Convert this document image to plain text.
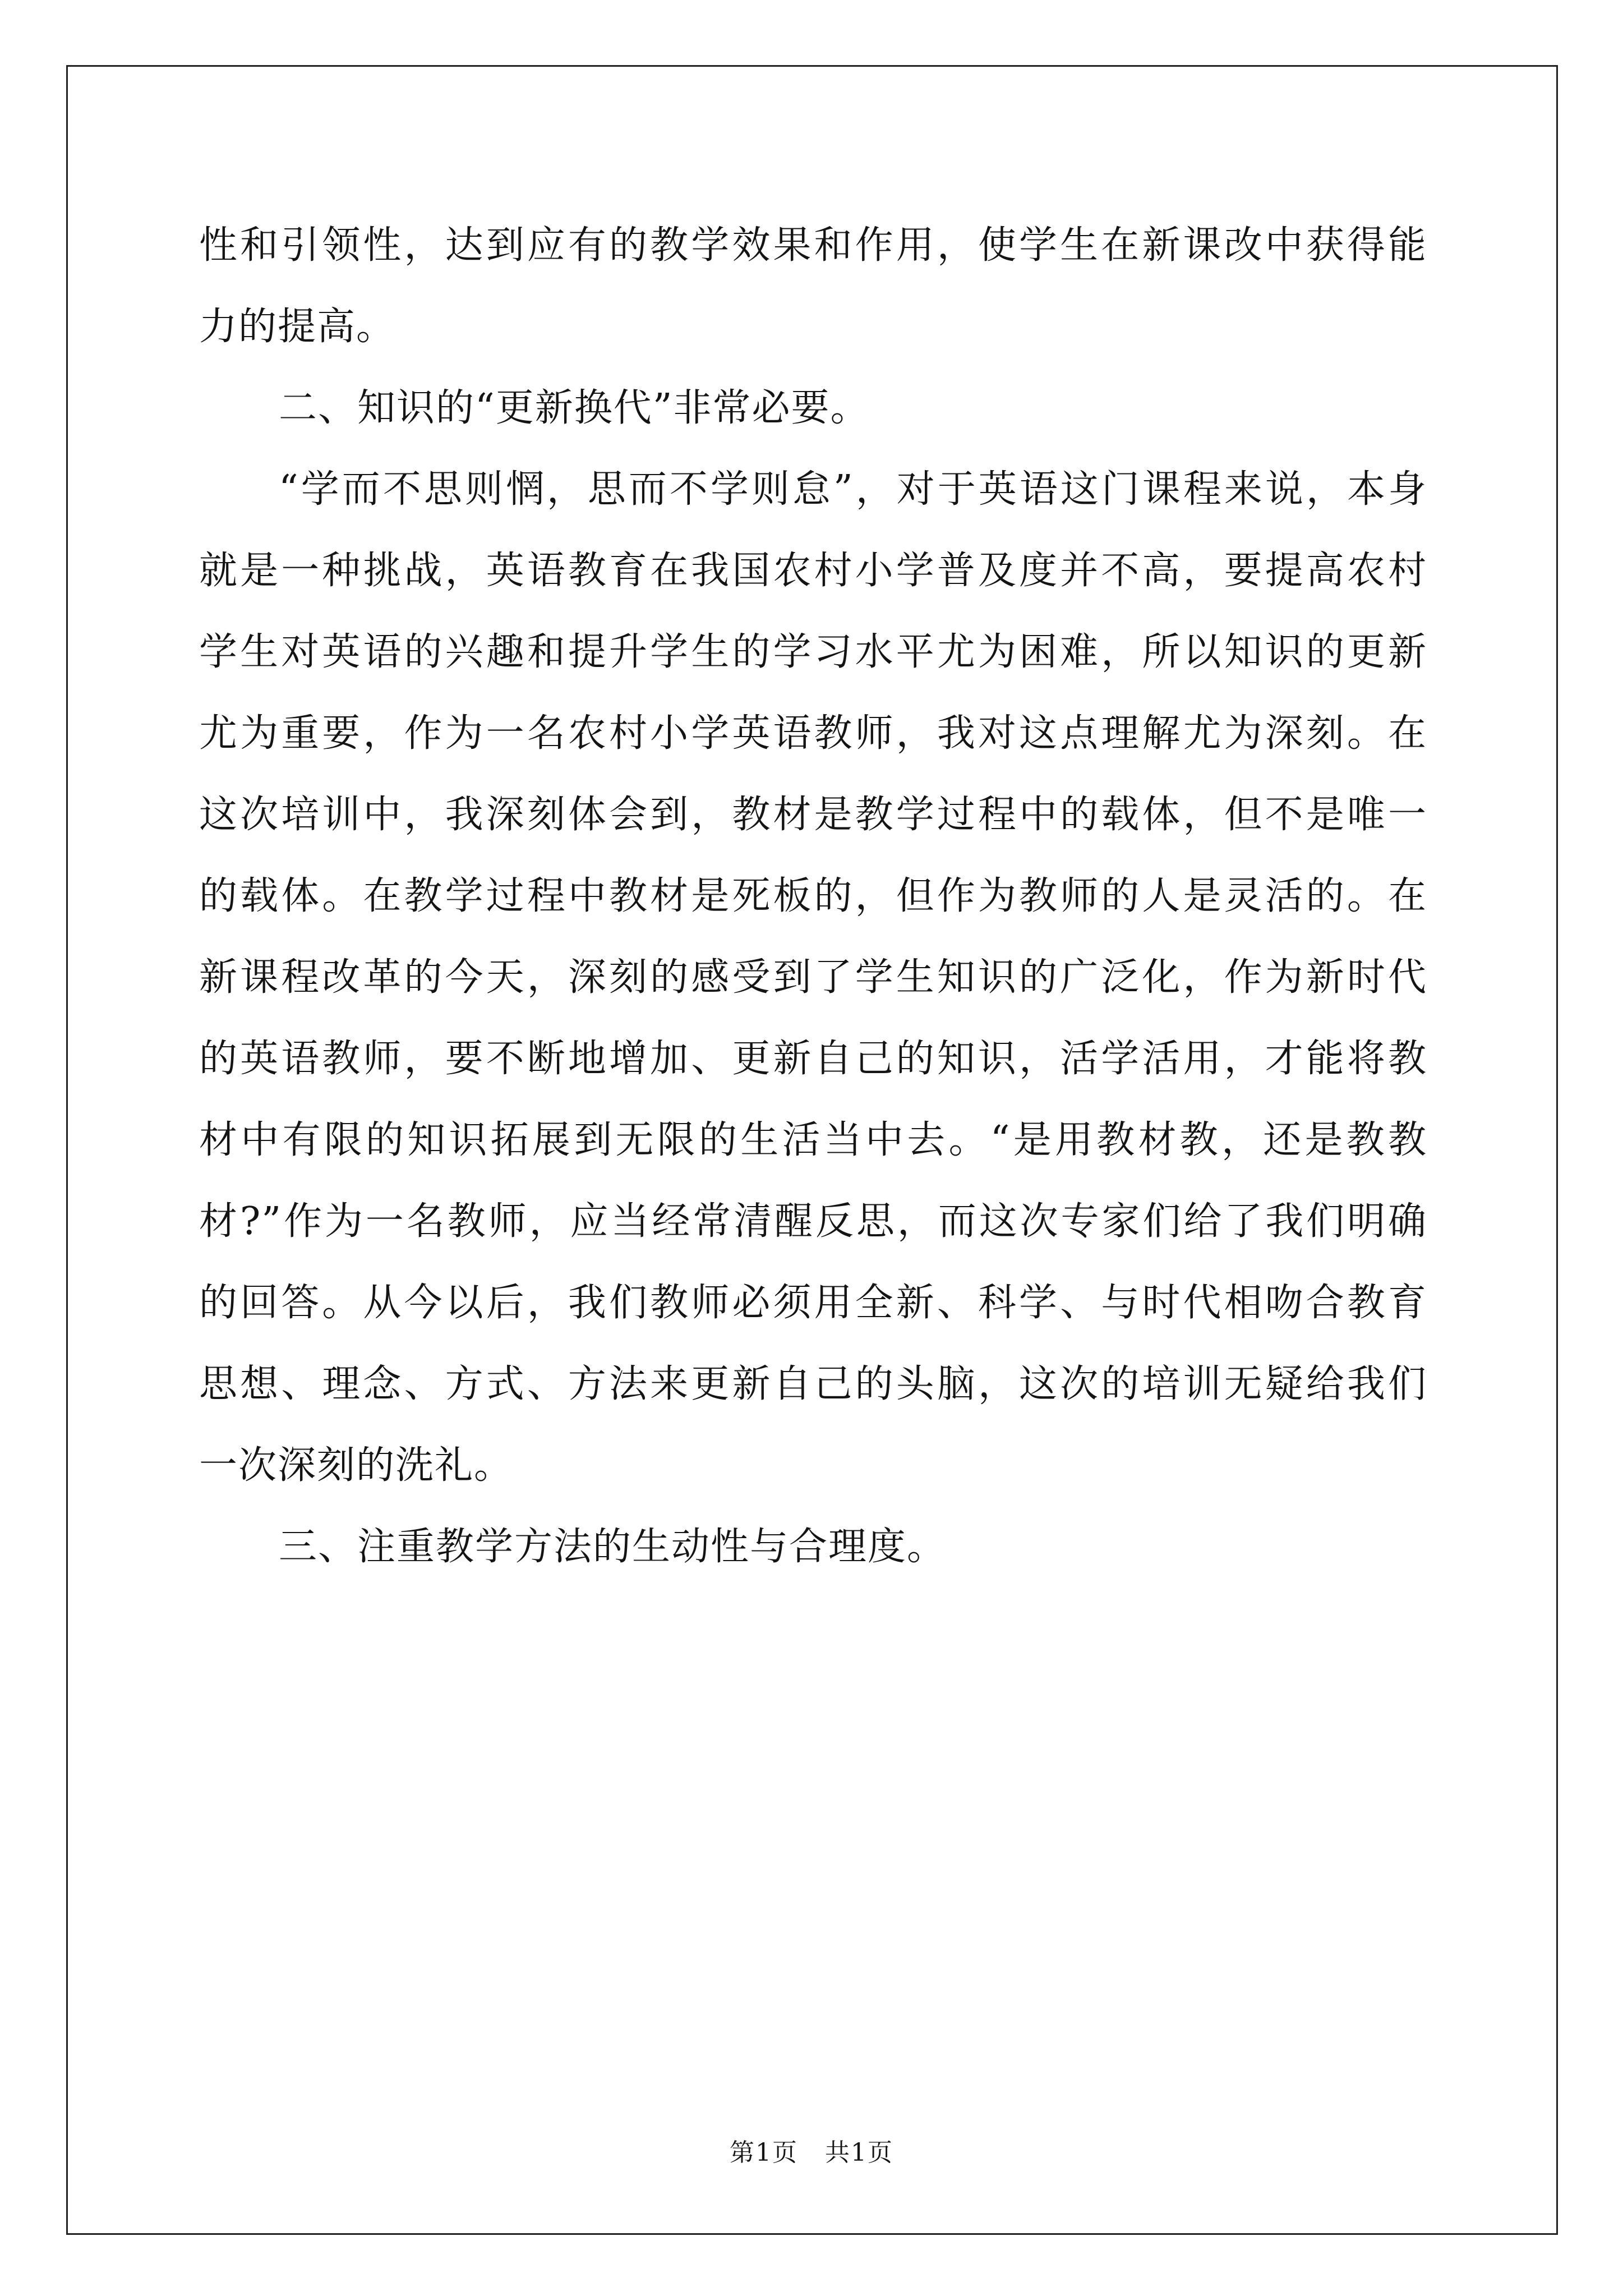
性和引领性，达到应有的教学效果和作用，使学生在新课改中获得能
力的提高。
二、知识的“更新换代”非常必要。
“学而不思则惘，思而不学则怠”，对于英语这门课程来说，本身
就是一种挑战，英语教育在我国农村小学普及度并不高，要提高农村
学生对英语的兴趣和提升学生的学习水平尤为困难，所以知识的更新
尤为重要，作为一名农村小学英语教师，我对这点理解尤为深刻。在
这次培训中，我深刻体会到，教材是教学过程中的载体，但不是唯一
的载体。在教学过程中教材是死板的，但作为教师的人是灵活的。在
新课程改革的今天，深刻的感受到了学生知识的广泛化，作为新时代
的英语教师，要不断地增加、更新自己的知识，活学活用，才能将教
材中有限的知识拓展到无限的生活当中去。“是用教材教，还是教教
材?”作为一名教师，应当经常清醒反思，而这次专家们给了我们明确
的回答。从今以后，我们教师必须用全新、科学、与时代相吻合教育
思想、理念、方式、方法来更新自己的头脑，这次的培训无疑给我们
一次深刻的洗礼。
三、注重教学方法的生动性与合理度。
第1页   共1页
